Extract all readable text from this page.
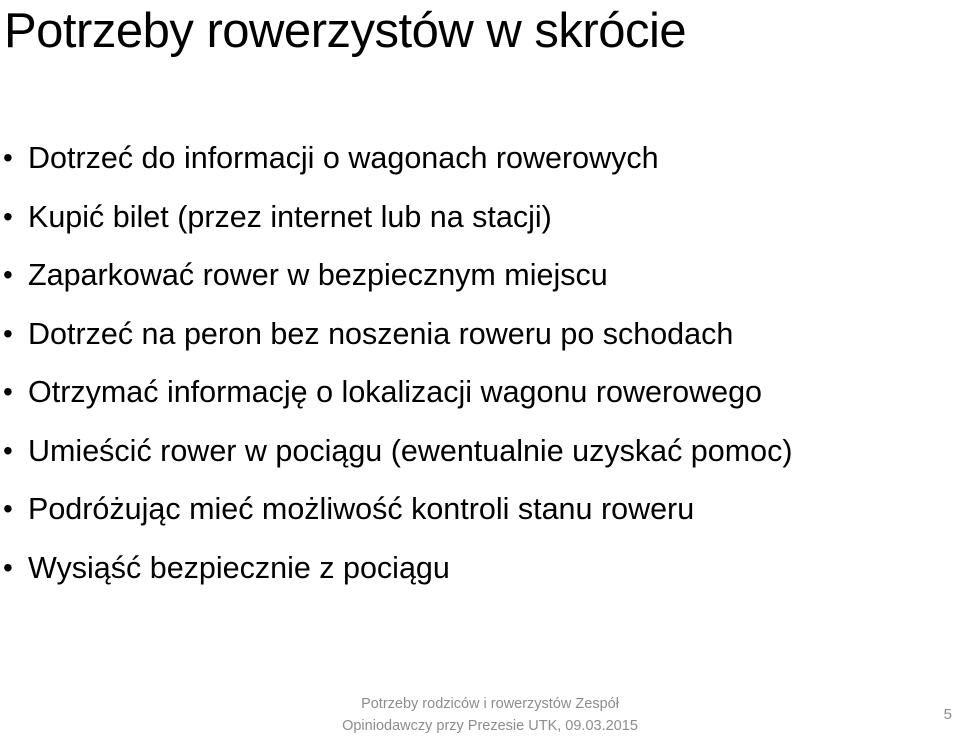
Potrzeby rowerzystów w skrócie
• Dotrzeć do informacji o wagonach rowerowych
• Kupić bilet (przez internet lub na stacji)
• Zaparkować rower w bezpiecznym miejscu
• Dotrzeć na peron bez noszenia roweru po schodach
• Otrzymać informację o lokalizacji wagonu rowerowego
• Umieścić rower w pociągu (ewentualnie uzyskać pomoc)
• Podróżując mieć możliwość kontroli stanu roweru
• Wysiąść bezpiecznie z pociągu
Potrzeby rodziców i rowerzystów Zespół
Opiniodawczy przy Prezesie UTK, 09.03.2015
5
